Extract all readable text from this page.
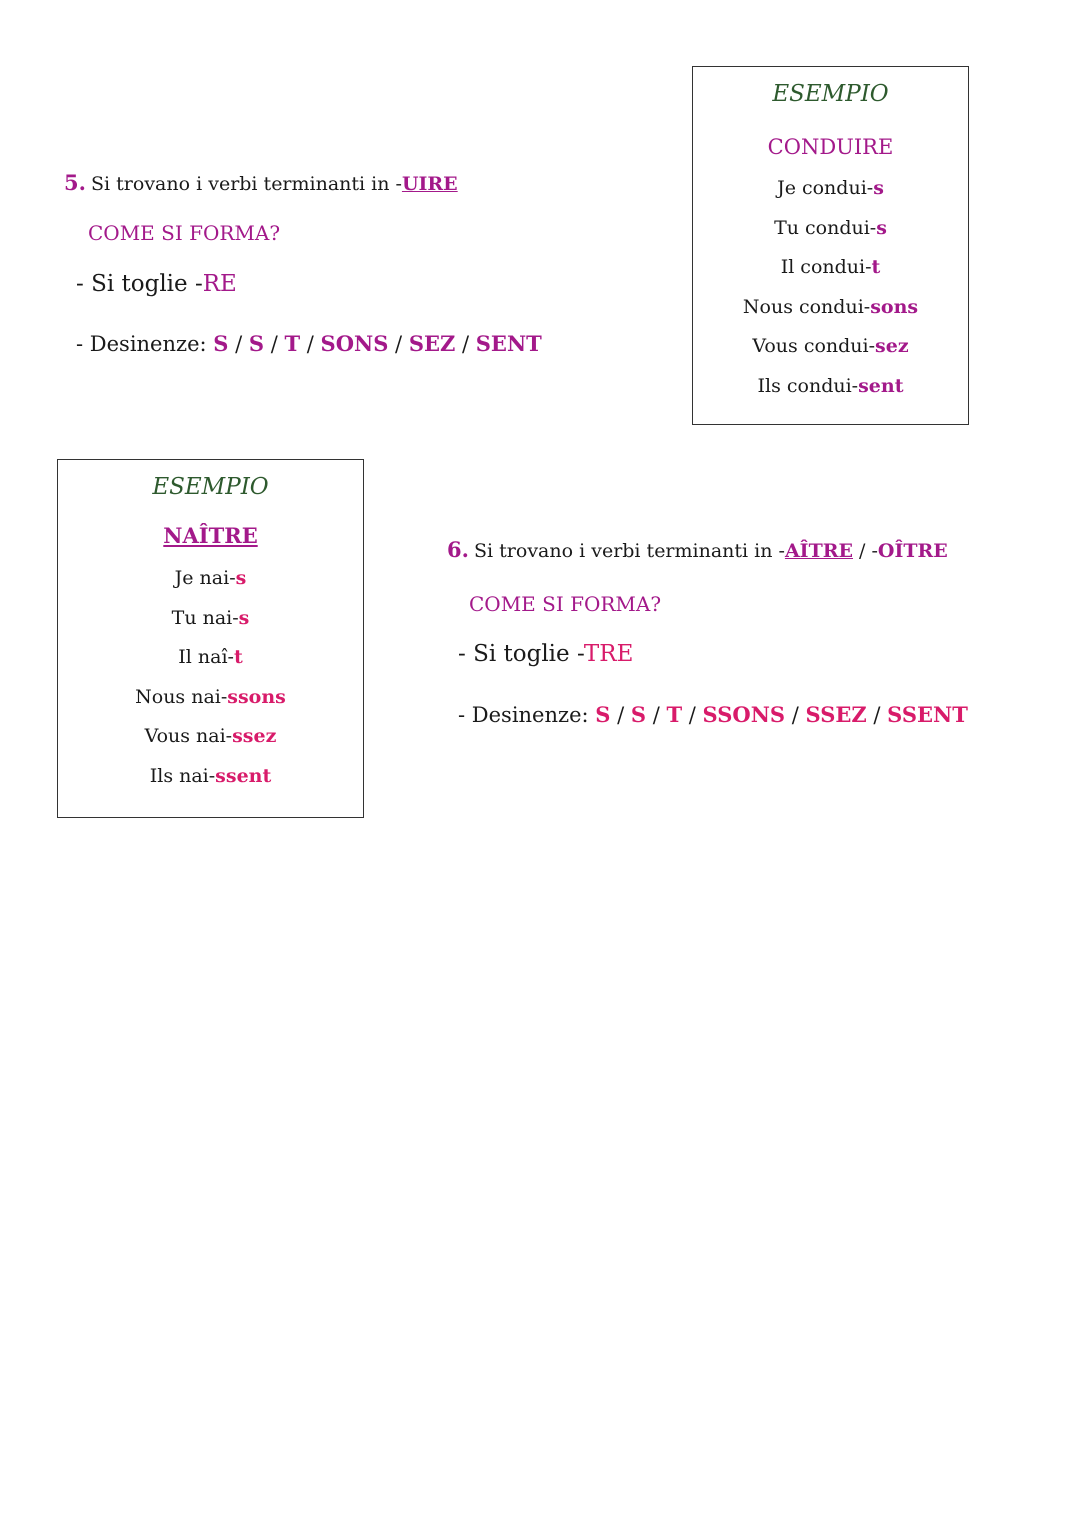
5. Si trovano i verbi terminanti in -UIRE
COME SI FORMA?
- Si toglie -RE
- Desinenze: S / S / T / SONS / SEZ / SENT
ESEMPIO
CONDUIRE
Je condui-s
Tu condui-s
Il condui-t
Nous condui-sons
Vous condui-sez
Ils condui-sent
ESEMPIO
NAÎTRE
Je nai-s
Tu nai-s
Il naî-t
Nous nai-ssons
Vous nai-ssez
Ils nai-ssent
6. Si trovano i verbi terminanti in -AÎTRE / -OÎTRE
COME SI FORMA?
- Si toglie -TRE
- Desinenze: S / S / T / SSONS / SSEZ / SSENT
